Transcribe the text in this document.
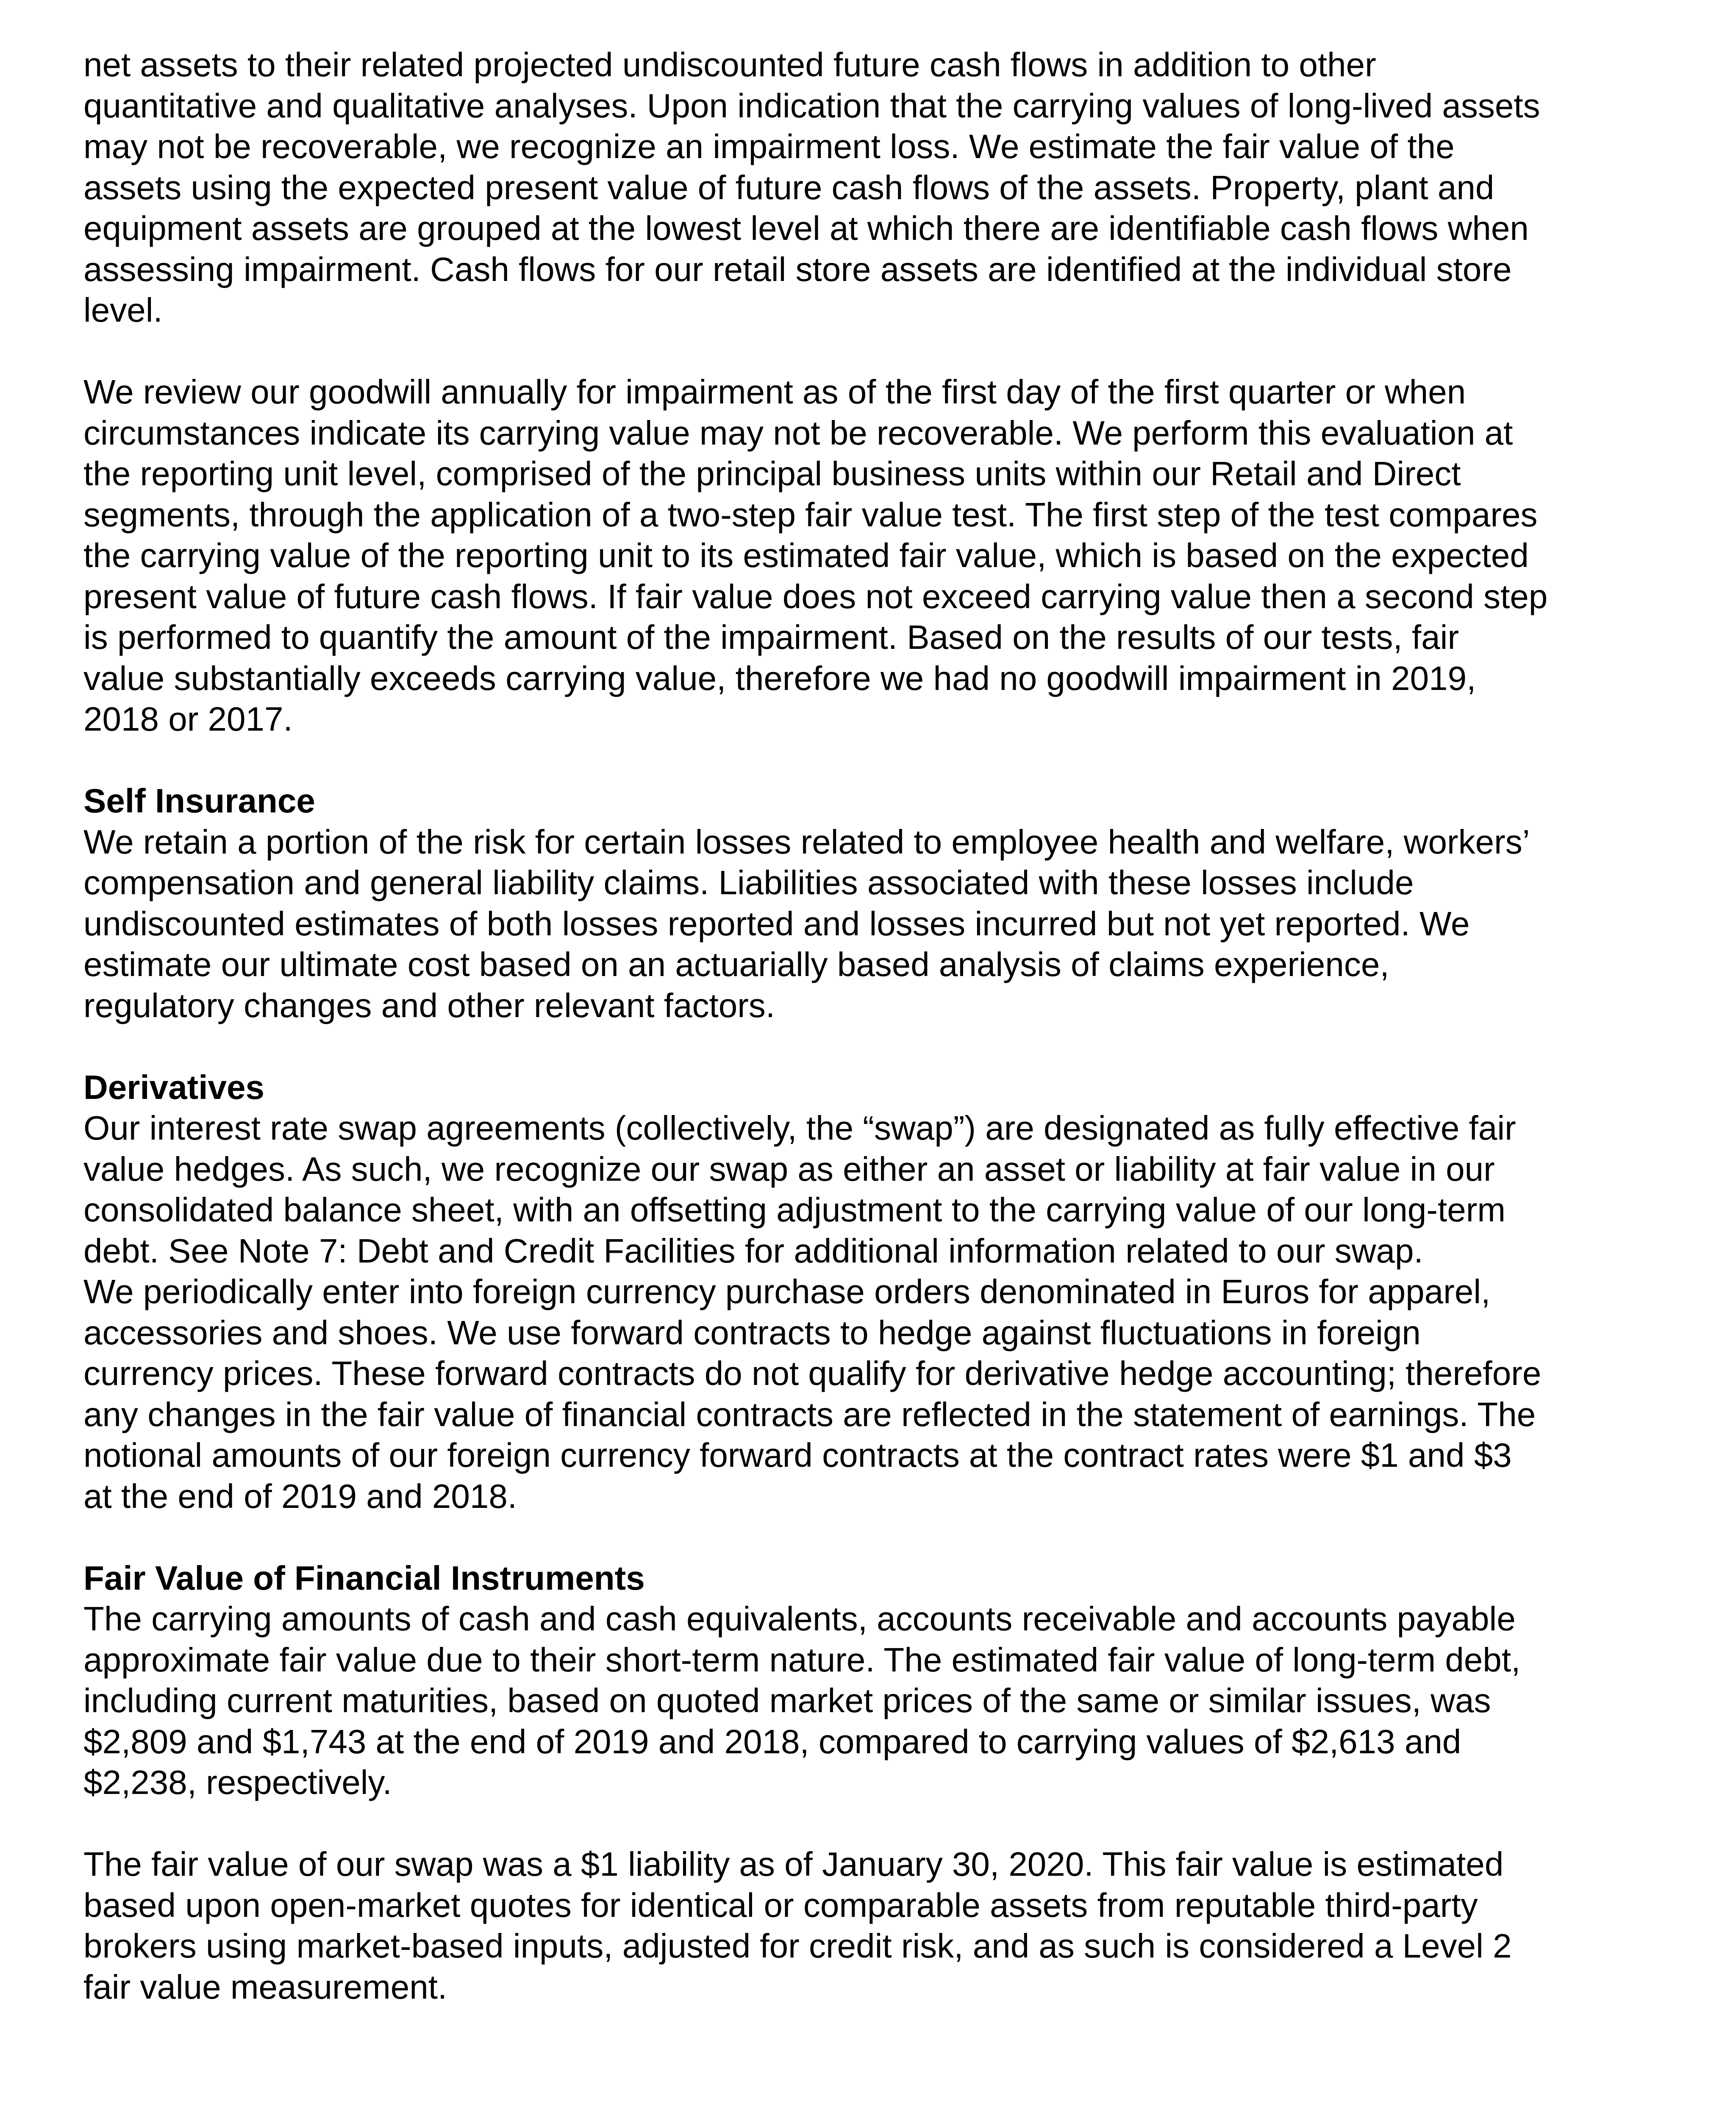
net assets to their related projected undiscounted future cash flows in addition to other
quantitative and qualitative analyses. Upon indication that the carrying values of long-lived assets
may not be recoverable, we recognize an impairment loss. We estimate the fair value of the
assets using the expected present value of future cash flows of the assets. Property, plant and
equipment assets are grouped at the lowest level at which there are identifiable cash flows when
assessing impairment. Cash flows for our retail store assets are identified at the individual store
level.

We review our goodwill annually for impairment as of the first day of the first quarter or when
circumstances indicate its carrying value may not be recoverable. We perform this evaluation at
the reporting unit level, comprised of the principal business units within our Retail and Direct
segments, through the application of a two-step fair value test. The first step of the test compares
the carrying value of the reporting unit to its estimated fair value, which is based on the expected
present value of future cash flows. If fair value does not exceed carrying value then a second step
is performed to quantify the amount of the impairment. Based on the results of our tests, fair
value substantially exceeds carrying value, therefore we had no goodwill impairment in 2019,
2018 or 2017.

Self Insurance

We retain a portion of the risk for certain losses related to employee health and welfare, workers’
compensation and general liability claims. Liabilities associated with these losses include
undiscounted estimates of both losses reported and losses incurred but not yet reported. We
estimate our ultimate cost based on an actuarially based analysis of claims experience,
regulatory changes and other relevant factors.

Derivatives

Our interest rate swap agreements (collectively, the “swap”) are designated as fully effective fair
value hedges. As such, we recognize our swap as either an asset or liability at fair value in our
consolidated balance sheet, with an offsetting adjustment to the carrying value of our long-term
debt. See Note 7: Debt and Credit Facilities for additional information related to our swap.
We periodically enter into foreign currency purchase orders denominated in Euros for apparel,
accessories and shoes. We use forward contracts to hedge against fluctuations in foreign
currency prices. These forward contracts do not qualify for derivative hedge accounting; therefore
any changes in the fair value of financial contracts are reflected in the statement of earnings. The
notional amounts of our foreign currency forward contracts at the contract rates were $1 and $3
at the end of 2019 and 2018.

Fair Value of Financial Instruments

The carrying amounts of cash and cash equivalents, accounts receivable and accounts payable
approximate fair value due to their short-term nature. The estimated fair value of long-term debt,
including current maturities, based on quoted market prices of the same or similar issues, was
$2,809 and $1,743 at the end of 2019 and 2018, compared to carrying values of $2,613 and
$2,238, respectively.

The fair value of our swap was a $1 liability as of January 30, 2020. This fair value is estimated
based upon open-market quotes for identical or comparable assets from reputable third-party
brokers using market-based inputs, adjusted for credit risk, and as such is considered a Level 2
fair value measurement.
